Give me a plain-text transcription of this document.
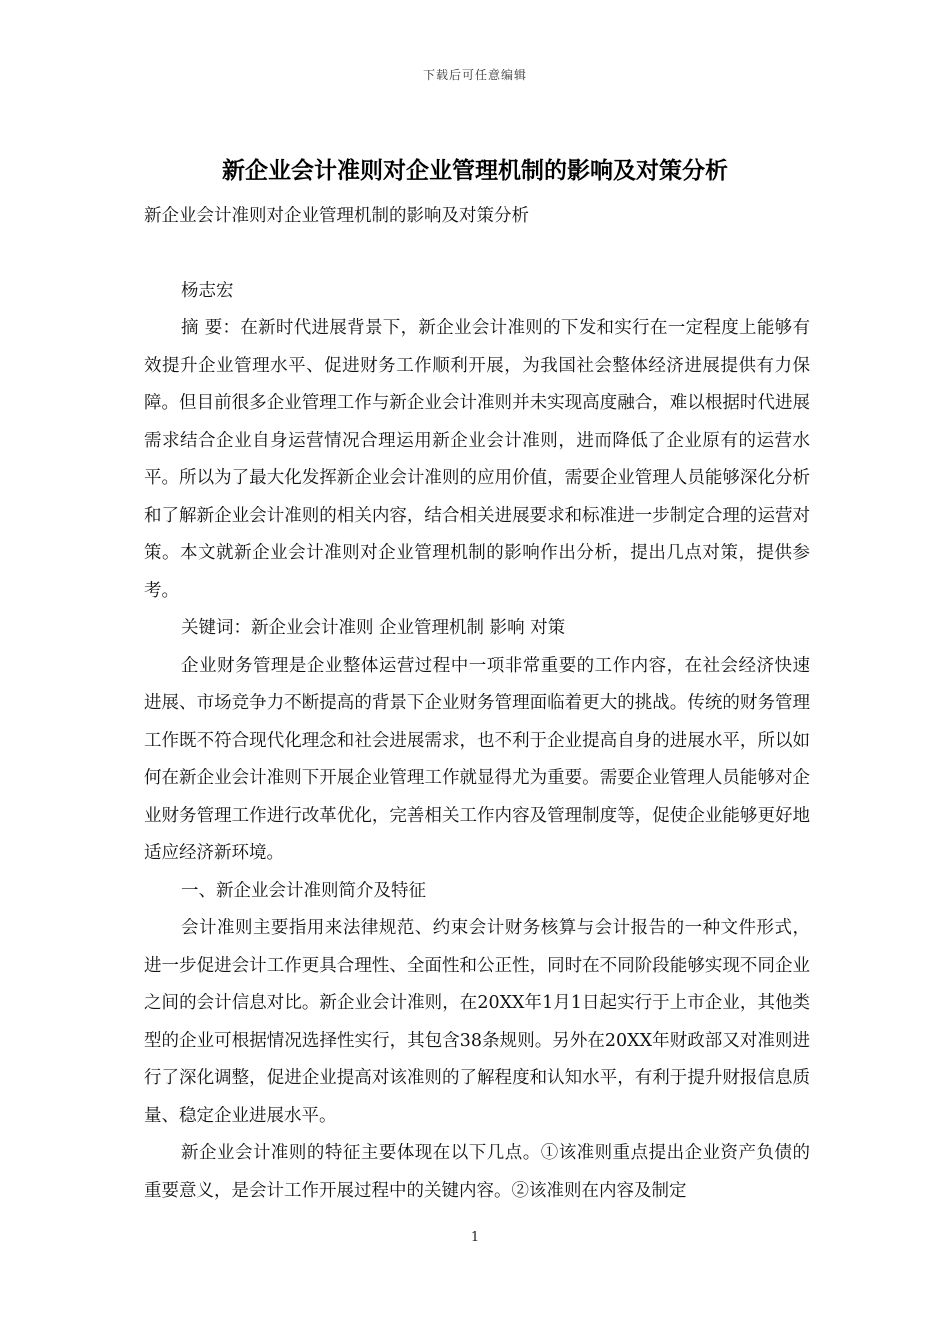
下载后可任意编辑
新企业会计准则对企业管理机制的影响及对策分析

新企业会计准则对企业管理机制的影响及对策分析

杨志宏

摘 要：在新时代进展背景下，新企业会计准则的下发和实行在一定程度上能够有效提升企业管理水平、促进财务工作顺利开展，为我国社会整体经济进展提供有力保障。但目前很多企业管理工作与新企业会计准则并未实现高度融合，难以根据时代进展需求结合企业自身运营情况合理运用新企业会计准则，进而降低了企业原有的运营水平。所以为了最大化发挥新企业会计准则的应用价值，需要企业管理人员能够深化分析和了解新企业会计准则的相关内容，结合相关进展要求和标准进一步制定合理的运营对策。本文就新企业会计准则对企业管理机制的影响作出分析，提出几点对策，提供参考。

关键词：新企业会计准则 企业管理机制 影响 对策

企业财务管理是企业整体运营过程中一项非常重要的工作内容，在社会经济快速进展、市场竞争力不断提高的背景下企业财务管理面临着更大的挑战。传统的财务管理工作既不符合现代化理念和社会进展需求，也不利于企业提高自身的进展水平，所以如何在新企业会计准则下开展企业管理工作就显得尤为重要。需要企业管理人员能够对企业财务管理工作进行改革优化，完善相关工作内容及管理制度等，促使企业能够更好地适应经济新环境。

一、新企业会计准则简介及特征

会计准则主要指用来法律规范、约束会计财务核算与会计报告的一种文件形式，进一步促进会计工作更具合理性、全面性和公正性，同时在不同阶段能够实现不同企业之间的会计信息对比。新企业会计准则，在20XX年1月1日起实行于上市企业，其他类型的企业可根据情况选择性实行，其包含38条规则。另外在20XX年财政部又对准则进行了深化调整，促进企业提高对该准则的了解程度和认知水平，有利于提升财报信息质量、稳定企业进展水平。

新企业会计准则的特征主要体现在以下几点。①该准则重点提出企业资产负债的重要意义，是会计工作开展过程中的关键内容。②该准则在内容及制定

1
